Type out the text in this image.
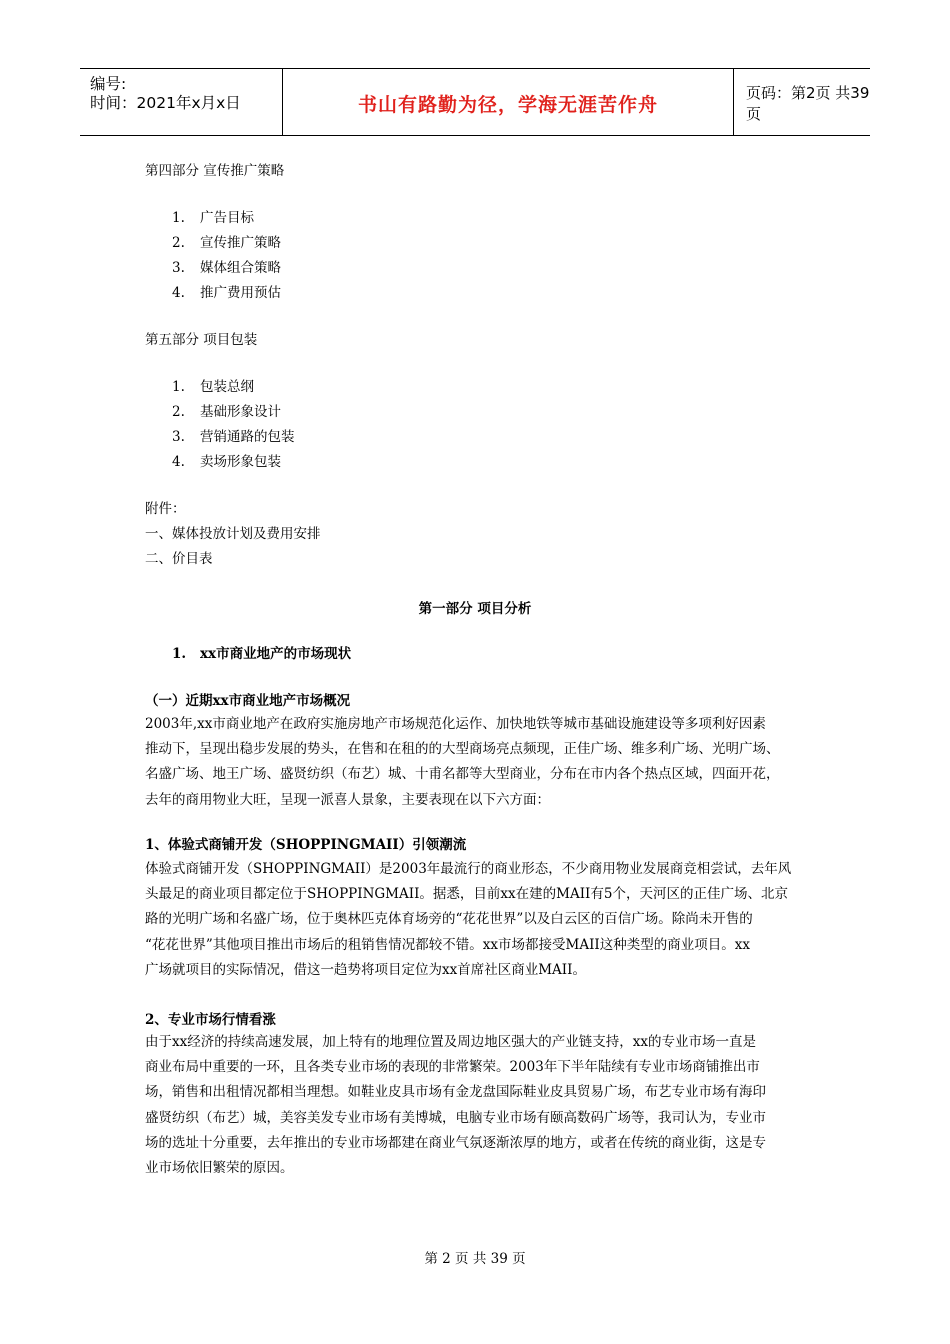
编号:
时间：2021年x月x日	书山有路勤为径，学海无涯苦作舟
页码：第2页 共39页
第四部分 宣传推广策略
1. 广告目标
2. 宣传推广策略
3. 媒体组合策略
4. 推广费用预估
第五部分 项目包装
1. 包装总纲
2. 基础形象设计
3. 营销通路的包装
4. 卖场形象包装
附件：
一、媒体投放计划及费用安排
二、价目表
第一部分 项目分析
1. xx市商业地产的市场现状
（一）近期xx市商业地产市场概况
2003年,xx市商业地产在政府实施房地产市场规范化运作、加快地铁等城市基础设施建设等多项利好因素
推动下，呈现出稳步发展的势头，在售和在租的的大型商场亮点频现，正佳广场、维多利广场、光明广场、
名盛广场、地王广场、盛贤纺织（布艺）城、十甫名都等大型商业，分布在市内各个热点区域，四面开花，
去年的商用物业大旺，呈现一派喜人景象，主要表现在以下六方面：
1、体验式商铺开发（SHOPPINGMAII）引领潮流
体验式商铺开发（SHOPPINGMAII）是2003年最流行的商业形态，不少商用物业发展商竞相尝试，去年风
头最足的商业项目都定位于SHOPPINGMAII。据悉，目前xx在建的MAII有5个，天河区的正佳广场、北京
路的光明广场和名盛广场，位于奥林匹克体育场旁的“花花世界”以及白云区的百信广场。除尚未开售的
“花花世界”其他项目推出市场后的租销售情况都较不错。xx市场都接受MAII这种类型的商业项目。xx
广场就项目的实际情况，借这一趋势将项目定位为xx首席社区商业MAII。
2、专业市场行情看涨
由于xx经济的持续高速发展，加上特有的地理位置及周边地区强大的产业链支持，xx的专业市场一直是
商业布局中重要的一环，且各类专业市场的表现的非常繁荣。2003年下半年陆续有专业市场商铺推出市
场，销售和出租情况都相当理想。如鞋业皮具市场有金龙盘国际鞋业皮具贸易广场，布艺专业市场有海印
盛贤纺织（布艺）城，美容美发专业市场有美博城，电脑专业市场有颐高数码广场等，我司认为，专业市
场的选址十分重要，去年推出的专业市场都建在商业气氛逐渐浓厚的地方，或者在传统的商业街，这是专
业市场依旧繁荣的原因。
第 2 页 共 39 页
